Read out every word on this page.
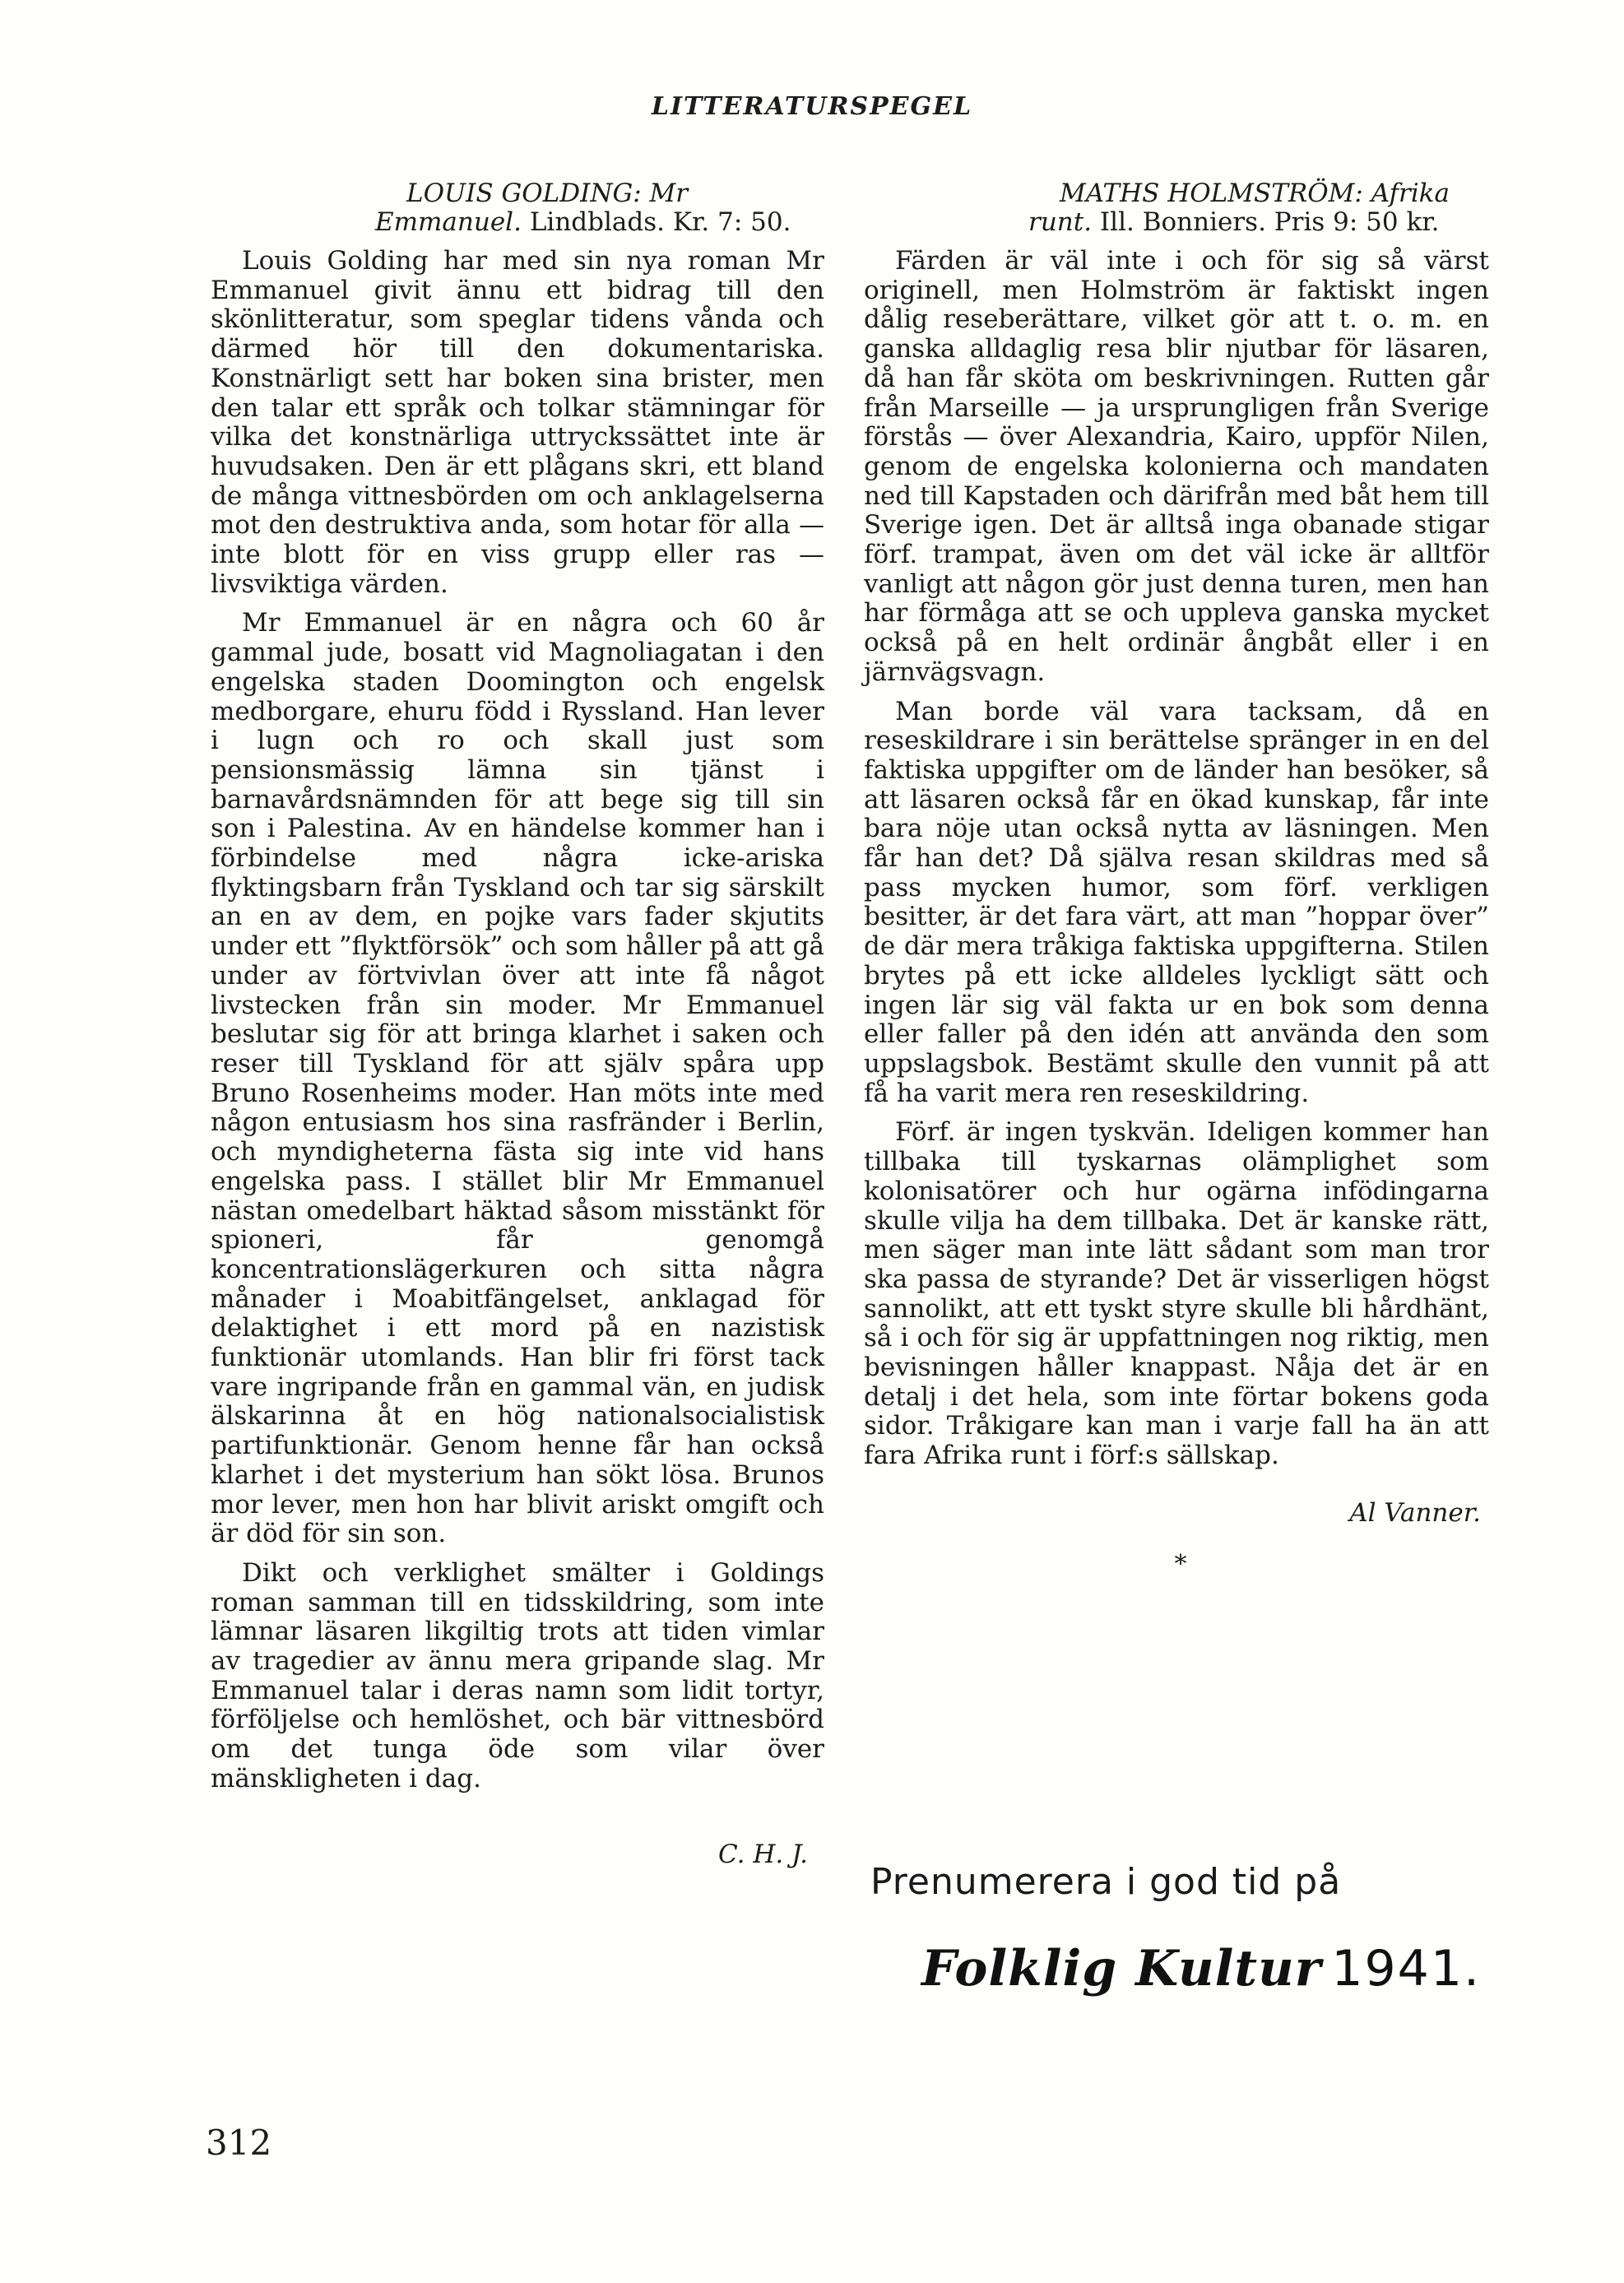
LITTERATURSPEGEL

LOUIS GOLDING: Mr Emmanuel. Lindblads. Kr. 7: 50.

Louis Golding har med sin nya roman Mr Emmanuel givit ännu ett bidrag till den skönlitteratur, som speglar tidens vånda och därmed hör till den dokumentariska. Konstnärligt sett har boken sina brister, men den talar ett språk och tolkar stämningar för vilka det konstnärliga uttryckssättet inte är huvudsaken. Den är ett plågans skri, ett bland de många vittnesbörden om och anklagelserna mot den destruktiva anda, som hotar för alla — inte blott för en viss grupp eller ras — livsviktiga värden.

Mr Emmanuel är en några och 60 år gammal jude, bosatt vid Magnoliagatan i den engelska staden Doomington och engelsk medborgare, ehuru född i Ryssland. Han lever i lugn och ro och skall just som pensionsmässig lämna sin tjänst i barnavårdsnämnden för att bege sig till sin son i Palestina. Av en händelse kommer han i förbindelse med några icke-ariska flyktingsbarn från Tyskland och tar sig särskilt an en av dem, en pojke vars fader skjutits under ett ”flyktförsök” och som håller på att gå under av förtvivlan över att inte få något livstecken från sin moder. Mr Emmanuel beslutar sig för att bringa klarhet i saken och reser till Tyskland för att själv spåra upp Bruno Rosenheims moder. Han möts inte med någon entusiasm hos sina rasfränder i Berlin, och myndigheterna fästa sig inte vid hans engelska pass. I stället blir Mr Emmanuel nästan omedelbart häktad såsom misstänkt för spioneri, får genomgå koncentrationslägerkuren och sitta några månader i Moabitfängelset, anklagad för delaktighet i ett mord på en nazistisk funktionär utomlands. Han blir fri först tack vare ingripande från en gammal vän, en judisk älskarinna åt en hög nationalsocialistisk partifunktionär. Genom henne får han också klarhet i det mysterium han sökt lösa. Brunos mor lever, men hon har blivit ariskt omgift och är död för sin son.

Dikt och verklighet smälter i Goldings roman samman till en tidsskildring, som inte lämnar läsaren likgiltig trots att tiden vimlar av tragedier av ännu mera gripande slag. Mr Emmanuel talar i deras namn som lidit tortyr, förföljelse och hemlöshet, och bär vittnesbörd om det tunga öde som vilar över mänskligheten i dag.

C. H. J.

MATHS HOLMSTRÖM: Afrika runt. Ill. Bonniers. Pris 9: 50 kr.

Färden är väl inte i och för sig så värst originell, men Holmström är faktiskt ingen dålig reseberättare, vilket gör att t. o. m. en ganska alldaglig resa blir njutbar för läsaren, då han får sköta om beskrivningen. Rutten går från Marseille — ja ursprungligen från Sverige förstås — över Alexandria, Kairo, uppför Nilen, genom de engelska kolonierna och mandaten ned till Kapstaden och därifrån med båt hem till Sverige igen. Det är alltså inga obanade stigar förf. trampat, även om det väl icke är alltför vanligt att någon gör just denna turen, men han har förmåga att se och uppleva ganska mycket också på en helt ordinär ångbåt eller i en järnvägsvagn.

Man borde väl vara tacksam, då en reseskildrare i sin berättelse spränger in en del faktiska uppgifter om de länder han besöker, så att läsaren också får en ökad kunskap, får inte bara nöje utan också nytta av läsningen. Men får han det? Då själva resan skildras med så pass mycken humor, som förf. verkligen besitter, är det fara värt, att man ”hoppar över” de där mera tråkiga faktiska uppgifterna. Stilen brytes på ett icke alldeles lyckligt sätt och ingen lär sig väl fakta ur en bok som denna eller faller på den idén att använda den som uppslagsbok. Bestämt skulle den vunnit på att få ha varit mera ren reseskildring.

Förf. är ingen tyskvän. Ideligen kommer han tillbaka till tyskarnas olämplighet som kolonisatörer och hur ogärna infödingarna skulle vilja ha dem tillbaka. Det är kanske rätt, men säger man inte lätt sådant som man tror ska passa de styrande? Det är visserligen högst sannolikt, att ett tyskt styre skulle bli hårdhänt, så i och för sig är uppfattningen nog riktig, men bevisningen håller knappast. Nåja det är en detalj i det hela, som inte förtar bokens goda sidor. Tråkigare kan man i varje fall ha än att fara Afrika runt i förf:s sällskap.

Al Vanner.
*
Prenumerera i god tid på
Folklig Kultur 1941.
312
